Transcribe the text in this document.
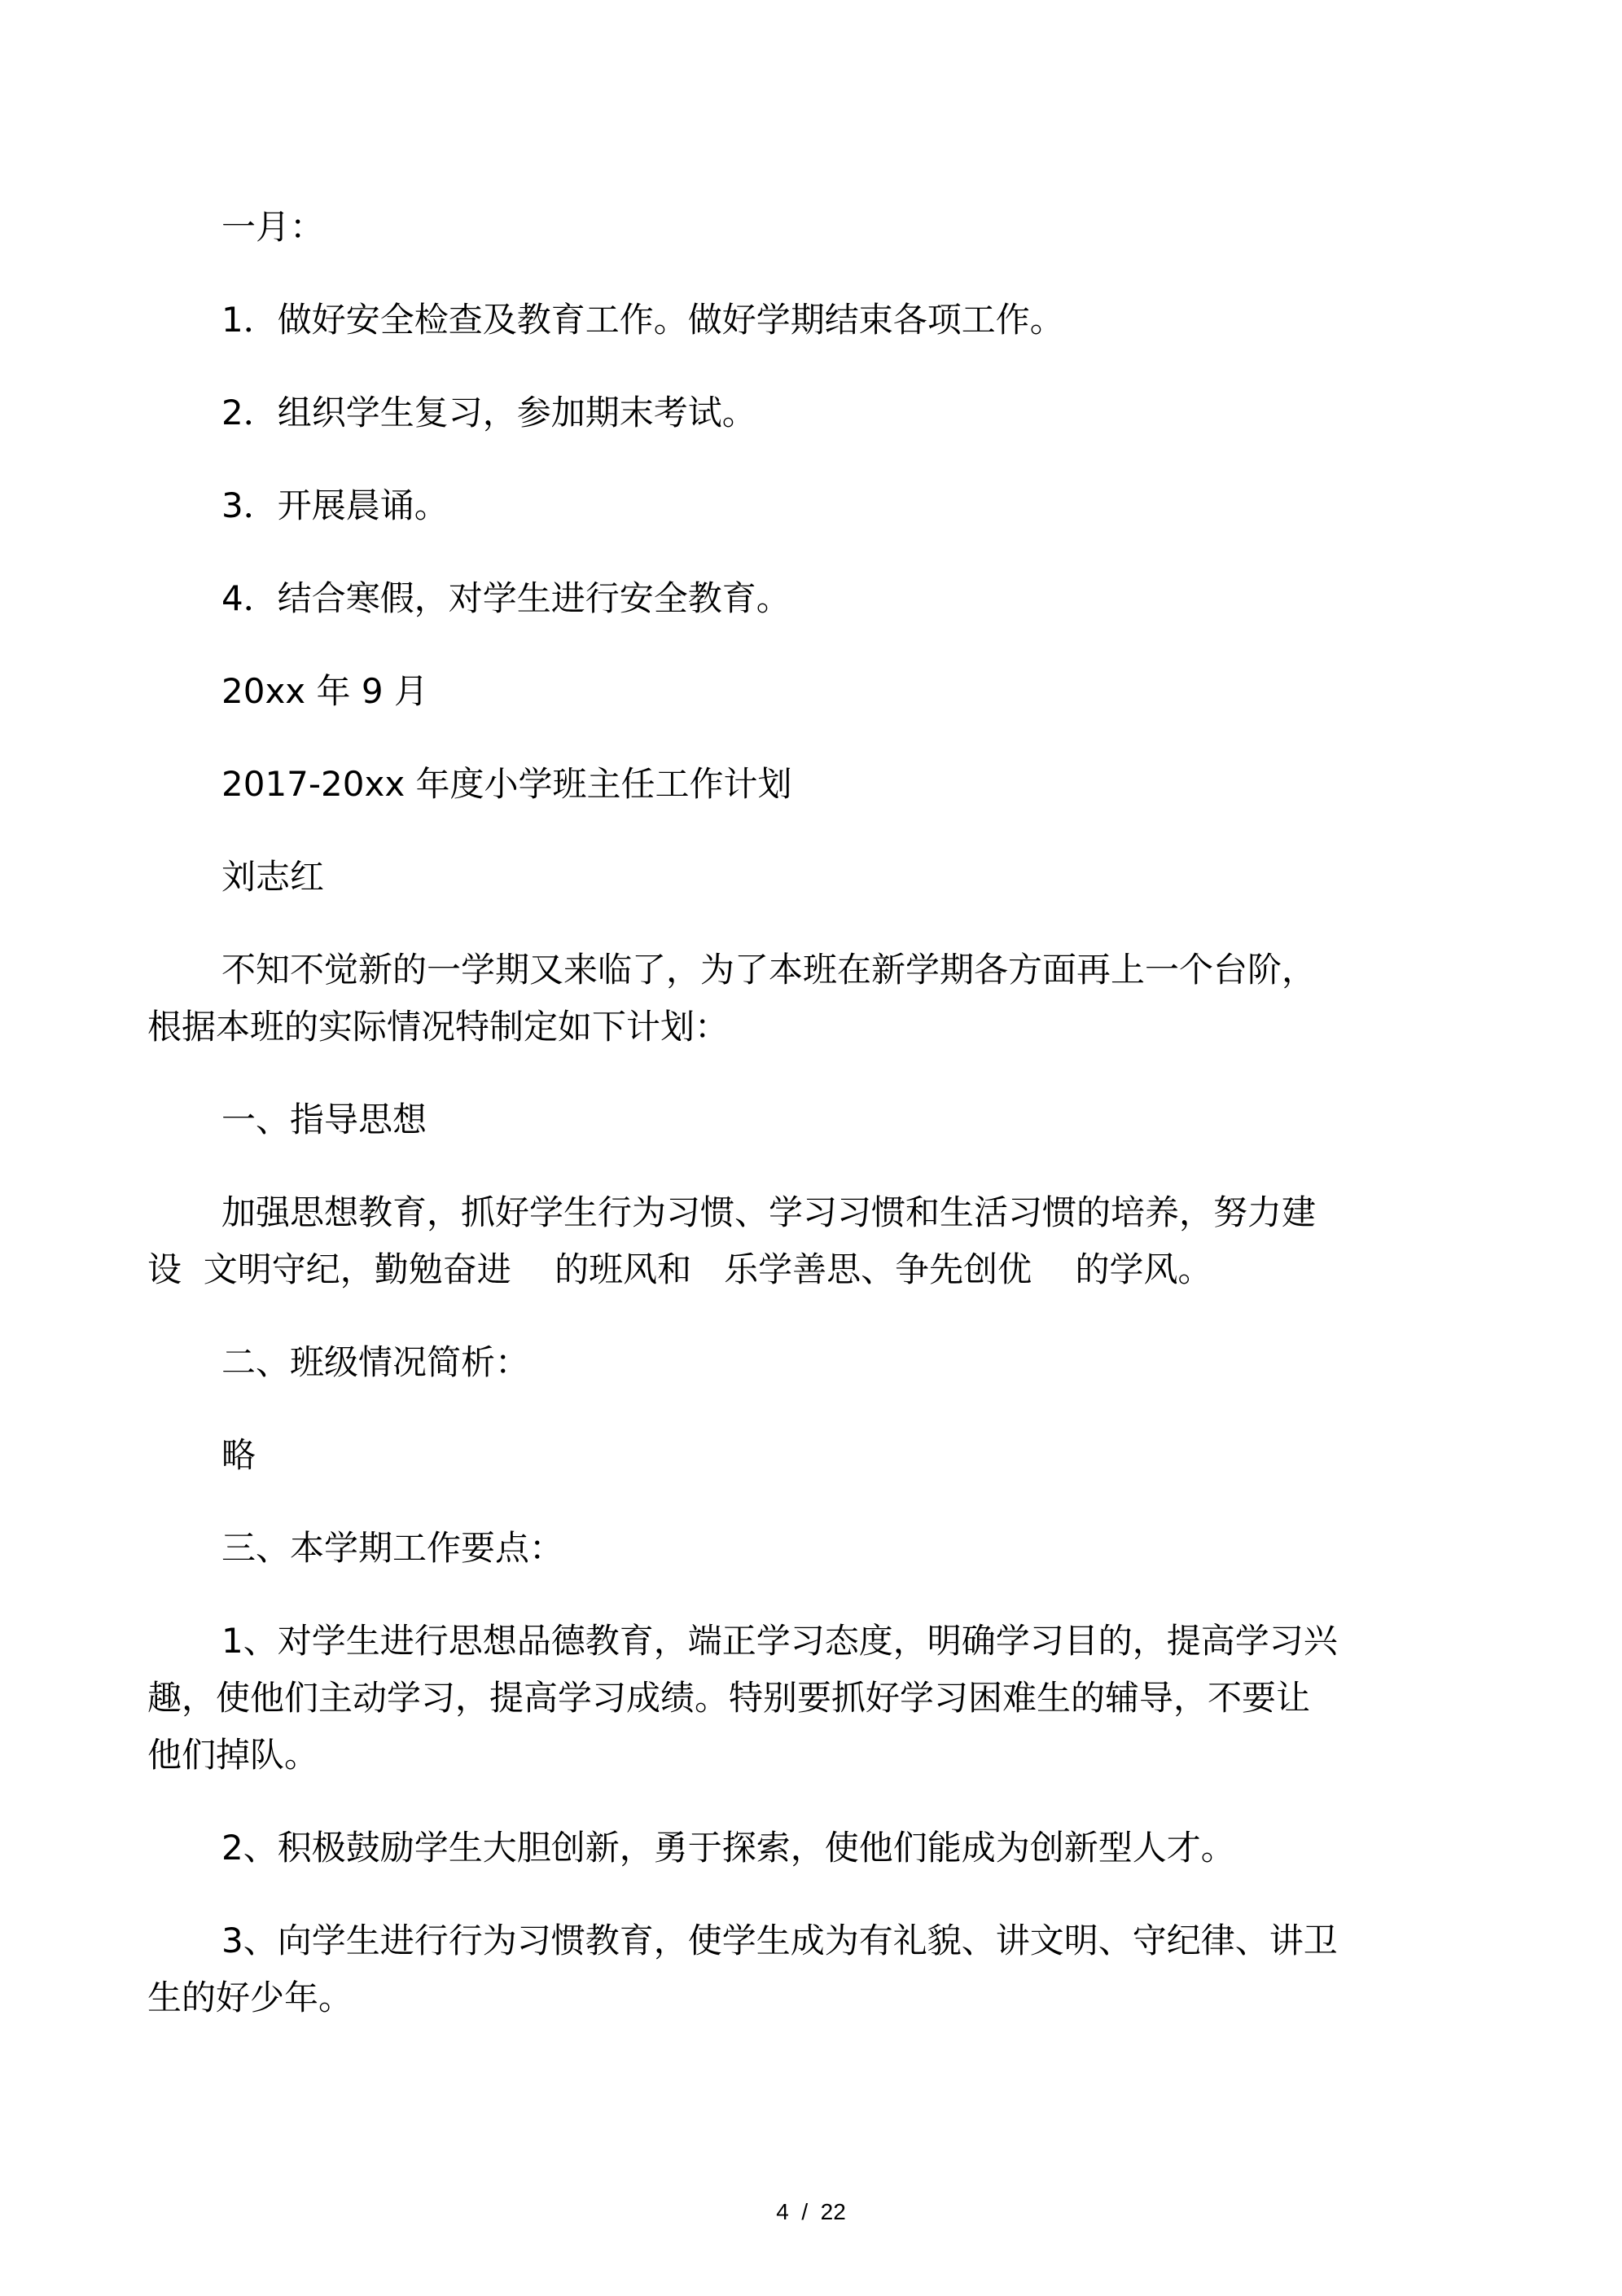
一月：

1．做好安全检查及教育工作。做好学期结束各项工作。

2．组织学生复习，参加期末考试。

3．开展晨诵。

4．结合寒假，对学生进行安全教育。

20xx 年 9 月

2017-20xx 年度小学班主任工作计划

刘志红

不知不觉新的一学期又来临了，为了本班在新学期各方面再上一个台阶，

根据本班的实际情况特制定如下计划：

一、指导思想

加强思想教育，抓好学生行为习惯、学习习惯和生活习惯的培养，努力建

设  文明守纪，勤勉奋进    的班风和   乐学善思、争先创优    的学风。

二、班级情况简析：

略

三、本学期工作要点：

1、对学生进行思想品德教育，端正学习态度，明确学习目的，提高学习兴

趣，使他们主动学习，提高学习成绩。特别要抓好学习困难生的辅导，不要让

他们掉队。

2、积极鼓励学生大胆创新，勇于探索，使他们能成为创新型人才。

3、向学生进行行为习惯教育，使学生成为有礼貌、讲文明、守纪律、讲卫

生的好少年。

4  /  22
